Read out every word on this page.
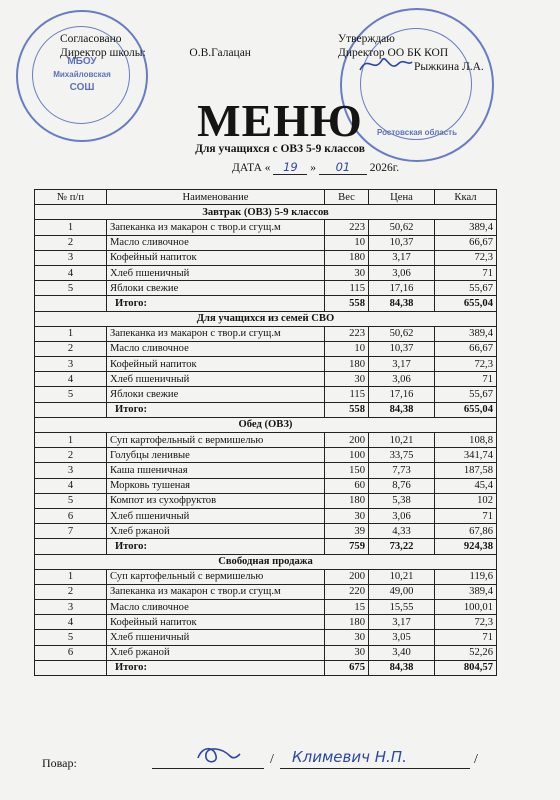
МБОУ
Михайловская
СОШ
Ростовская область
Согласовано
Директор школы:	О.В.Галацан
Утверждаю
Директор ОО БК КОП
Рыжкина Л.А.
МЕНЮ
Для учащихся с ОВЗ 5-9 классов
ДАТА « 19 » 01 2026г.
№ п/п	Наименование	Вес	Цена	Ккал
Завтрак (ОВЗ) 5-9 классов				
1	Запеканка из макарон с твор.и сгущ.м	223	50,62	389,4
2	Масло сливочное	10	10,37	66,67
3	Кофейный напиток	180	3,17	72,3
4	Хлеб пшеничный	30	3,06	71
5	Яблоки свежие	115	17,16	55,67
	Итого:	558	84,38	655,04
Для учащихся из семей СВО				
1	Запеканка из макарон с твор.и сгущ.м	223	50,62	389,4
2	Масло сливочное	10	10,37	66,67
3	Кофейный напиток	180	3,17	72,3
4	Хлеб пшеничный	30	3,06	71
5	Яблоки свежие	115	17,16	55,67
	Итого:	558	84,38	655,04
Обед (ОВЗ)				
1	Суп картофельный с вермишелью	200	10,21	108,8
2	Голубцы ленивые	100	33,75	341,74
3	Каша пшеничная	150	7,73	187,58
4	Морковь тушеная	60	8,76	45,4
5	Компот из сухофруктов	180	5,38	102
6	Хлеб пшеничный	30	3,06	71
7	Хлеб ржаной	39	4,33	67,86
	Итого:	759	73,22	924,38
Свободная продажа				
1	Суп картофельный с вермишелью	200	10,21	119,6
2	Запеканка из макарон с твор.и сгущ.м	220	49,00	389,4
3	Масло сливочное	15	15,55	100,01
4	Кофейный напиток	180	3,17	72,3
5	Хлеб пшеничный	30	3,05	71
6	Хлеб ржаной	30	3,40	52,26
	Итого:	675	84,38	804,57
Повар:	/	/
Климевич Н.П.
